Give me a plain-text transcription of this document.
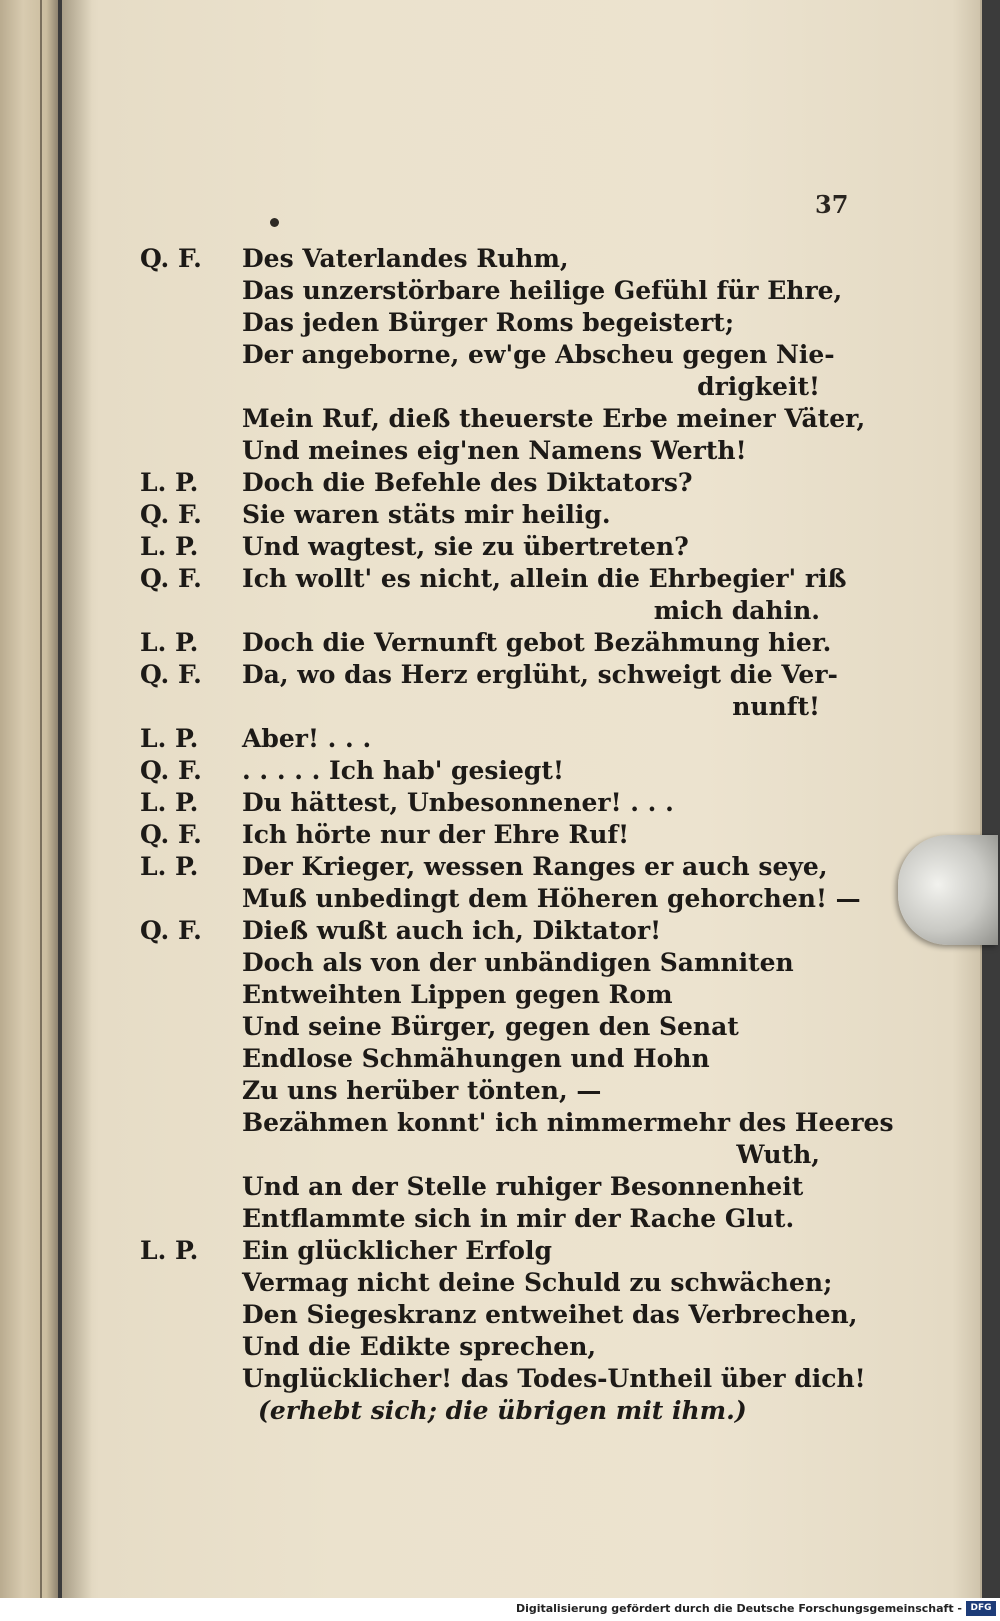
37
Q. F.	Des Vaterlandes Ruhm,
Das unzerstörbare heilige Gefühl für Ehre,
Das jeden Bürger Roms begeistert;
Der angeborne, ew'ge Abscheu gegen Nie-
drigkeit!
Mein Ruf, dieß theuerste Erbe meiner Väter,
Und meines eig'nen Namens Werth!
L. P.	Doch die Befehle des Diktators?
Q. F.	Sie waren stäts mir heilig.
L. P.	Und wagtest, sie zu übertreten?
Q. F.	Ich wollt' es nicht, allein die Ehrbegier' riß
mich dahin.
L. P.	Doch die Vernunft gebot Bezähmung hier.
Q. F.	Da, wo das Herz erglüht, schweigt die Ver-
nunft!
L. P.	Aber! . . .
Q. F.	. . . . . Ich hab' gesiegt!
L. P.	Du hättest, Unbesonnener! . . .
Q. F.	Ich hörte nur der Ehre Ruf!
L. P.	Der Krieger, wessen Ranges er auch seye,
Muß unbedingt dem Höheren gehorchen! —
Q. F.	Dieß wußt auch ich, Diktator!
Doch als von der unbändigen Samniten
Entweihten Lippen gegen Rom
Und seine Bürger, gegen den Senat
Endlose Schmähungen und Hohn
Zu uns herüber tönten, —
Bezähmen konnt' ich nimmermehr des Heeres
Wuth,
Und an der Stelle ruhiger Besonnenheit
Entflammte sich in mir der Rache Glut.
L. P.	Ein glücklicher Erfolg
Vermag nicht deine Schuld zu schwächen;
Den Siegeskranz entweihet das Verbrechen,
Und die Edikte sprechen,
Unglücklicher! das Todes-Untheil über dich!
(erhebt sich; die übrigen mit ihm.)
Digitalisierung gefördert durch die Deutsche Forschungsgemeinschaft - DFG
